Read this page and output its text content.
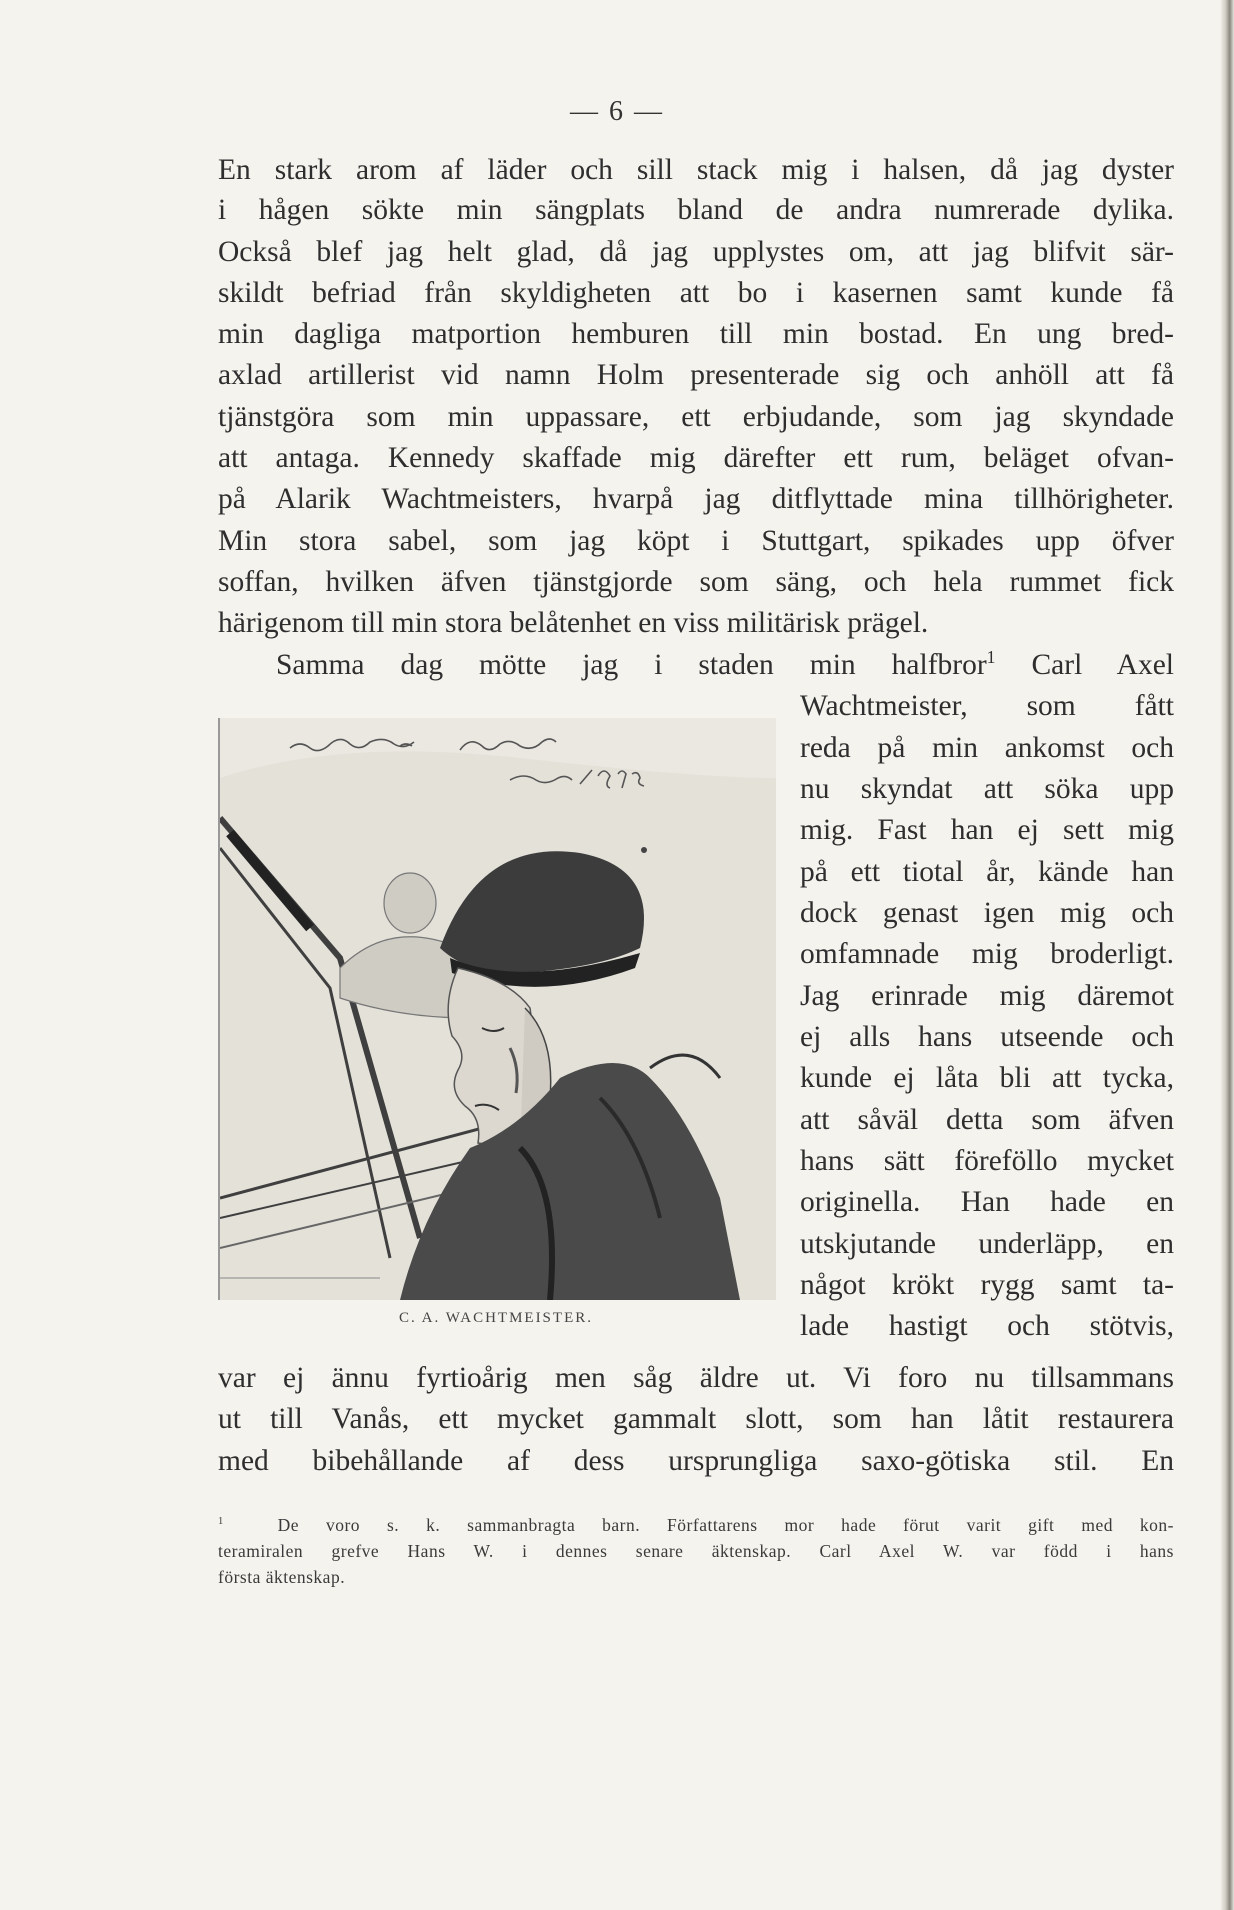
— 6 —
En stark arom af läder och sill stack mig i halsen, då jag dyster
i hågen sökte min sängplats bland de andra numrerade dylika.
Också blef jag helt glad, då jag upplystes om, att jag blifvit sär-
skildt befriad från skyldigheten att bo i kasernen samt kunde få
min dagliga matportion hemburen till min bostad. En ung bred-
axlad artillerist vid namn Holm presenterade sig och anhöll att få
tjänstgöra som min uppassare, ett erbjudande, som jag skyndade
att antaga. Kennedy skaffade mig därefter ett rum, beläget ofvan-
på Alarik Wachtmeisters, hvarpå jag ditflyttade mina tillhörigheter.
Min stora sabel, som jag köpt i Stuttgart, spikades upp öfver
soffan, hvilken äfven tjänstgjorde som säng, och hela rummet fick
härigenom till min stora belåtenhet en viss militärisk prägel.
Samma dag mötte jag i staden min halfbror$^1$ Carl Axel
Wachtmeister, som fått
reda på min ankomst och
nu skyndat att söka upp
mig. Fast han ej sett mig
på ett tiotal år, kände han
dock genast igen mig och
omfamnade mig broderligt.
Jag erinrade mig däremot
ej alls hans utseende och
kunde ej låta bli att tycka,
att såväl detta som äfven
hans sätt föreföllo mycket
originella. Han hade en
utskjutande underläpp, en
något krökt rygg samt ta-
lade hastigt och stötvis,
var ej ännu fyrtioårig men såg äldre ut. Vi foro nu tillsammans
ut till Vanås, ett mycket gammalt slott, som han låtit restaurera
med bibehållande af dess ursprungliga saxo-götiska stil. En
C. A. WACHTMEISTER.
$^1$	De voro s. k. sammanbragta barn. Författarens mor hade förut varit gift med kon-
teramiralen grefve Hans W. i dennes senare äktenskap. Carl Axel W. var född i hans
första äktenskap.
